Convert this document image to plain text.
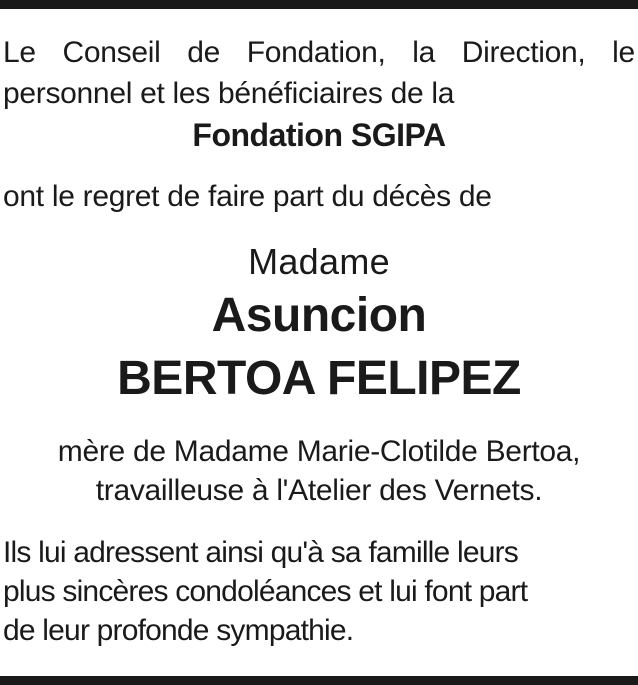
Le Conseil de Fondation, la Direction, le
personnel et les bénéficiaires de la
Fondation SGIPA
ont le regret de faire part du décès de
Madame
Asuncion
BERTOA FELIPEZ
mère de Madame Marie-Clotilde Bertoa,
travailleuse à l'Atelier des Vernets.
Ils lui adressent ainsi qu'à sa famille leurs
plus sincères condoléances et lui font part
de leur profonde sympathie.
